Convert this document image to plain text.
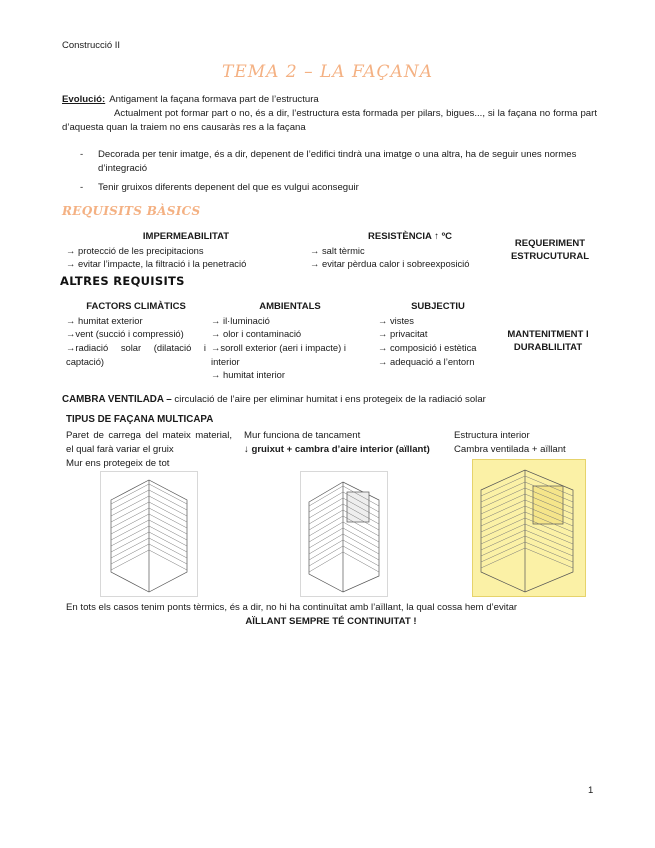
Construcció II
TEMA 2 – LA FAÇANA

Evolució: Antigament la façana formava part de l’estructura

Actualment pot formar part o no, és a dir, l’estructura esta formada per pilars, bigues..., si la façana no forma part d’aquesta quan la traiem no ens causaràs res a la façana

- Decorada per tenir imatge, és a dir, depenent de l’edifici tindrà una imatge o una altra, ha de seguir unes normes d’integració
- Tenir gruixos diferents depenent del que es vulgui aconseguir
REQUISITS BÀSICS
IMPERMEABILITAT
→ protecció de les precipitacions
→ evitar l’impacte, la filtració i la penetració
RESISTÈNCIA ↑ ºC
→ salt tèrmic
→ evitar pèrdua calor i sobreexposició
REQUERIMENT ESTRUCUTURAL
ALTRES REQUISITS
FACTORS CLIMÀTICS
→ humitat exterior
→vent (succió i compressió)
→radiació solar (dilatació i captació)
AMBIENTALS
→ il·luminació
→ olor i contaminació
→soroll exterior (aeri i impacte) i interior
→ humitat interior
SUBJECTIU
→ vistes
→ privacitat
→ composició i estètica
→ adequació a l’entorn
MANTENITMENT I DURABLILITAT
CAMBRA VENTILADA – circulació de l’aire per eliminar humitat i ens protegeix de la radiació solar
TIPUS DE FAÇANA MULTICAPA
Paret de carrega del mateix material, el qual farà variar el gruix
Mur ens protegeix de tot
Mur funciona de tancament
↓ gruixut + cambra d’aire interior (aïllant)
Estructura interior
Cambra ventilada + aïllant
En tots els casos tenim ponts tèrmics, és a dir, no hi ha continuïtat amb l’aïllant, la qual cossa hem d’evitar
AÏLLANT SEMPRE TÉ CONTINUITAT !
1
